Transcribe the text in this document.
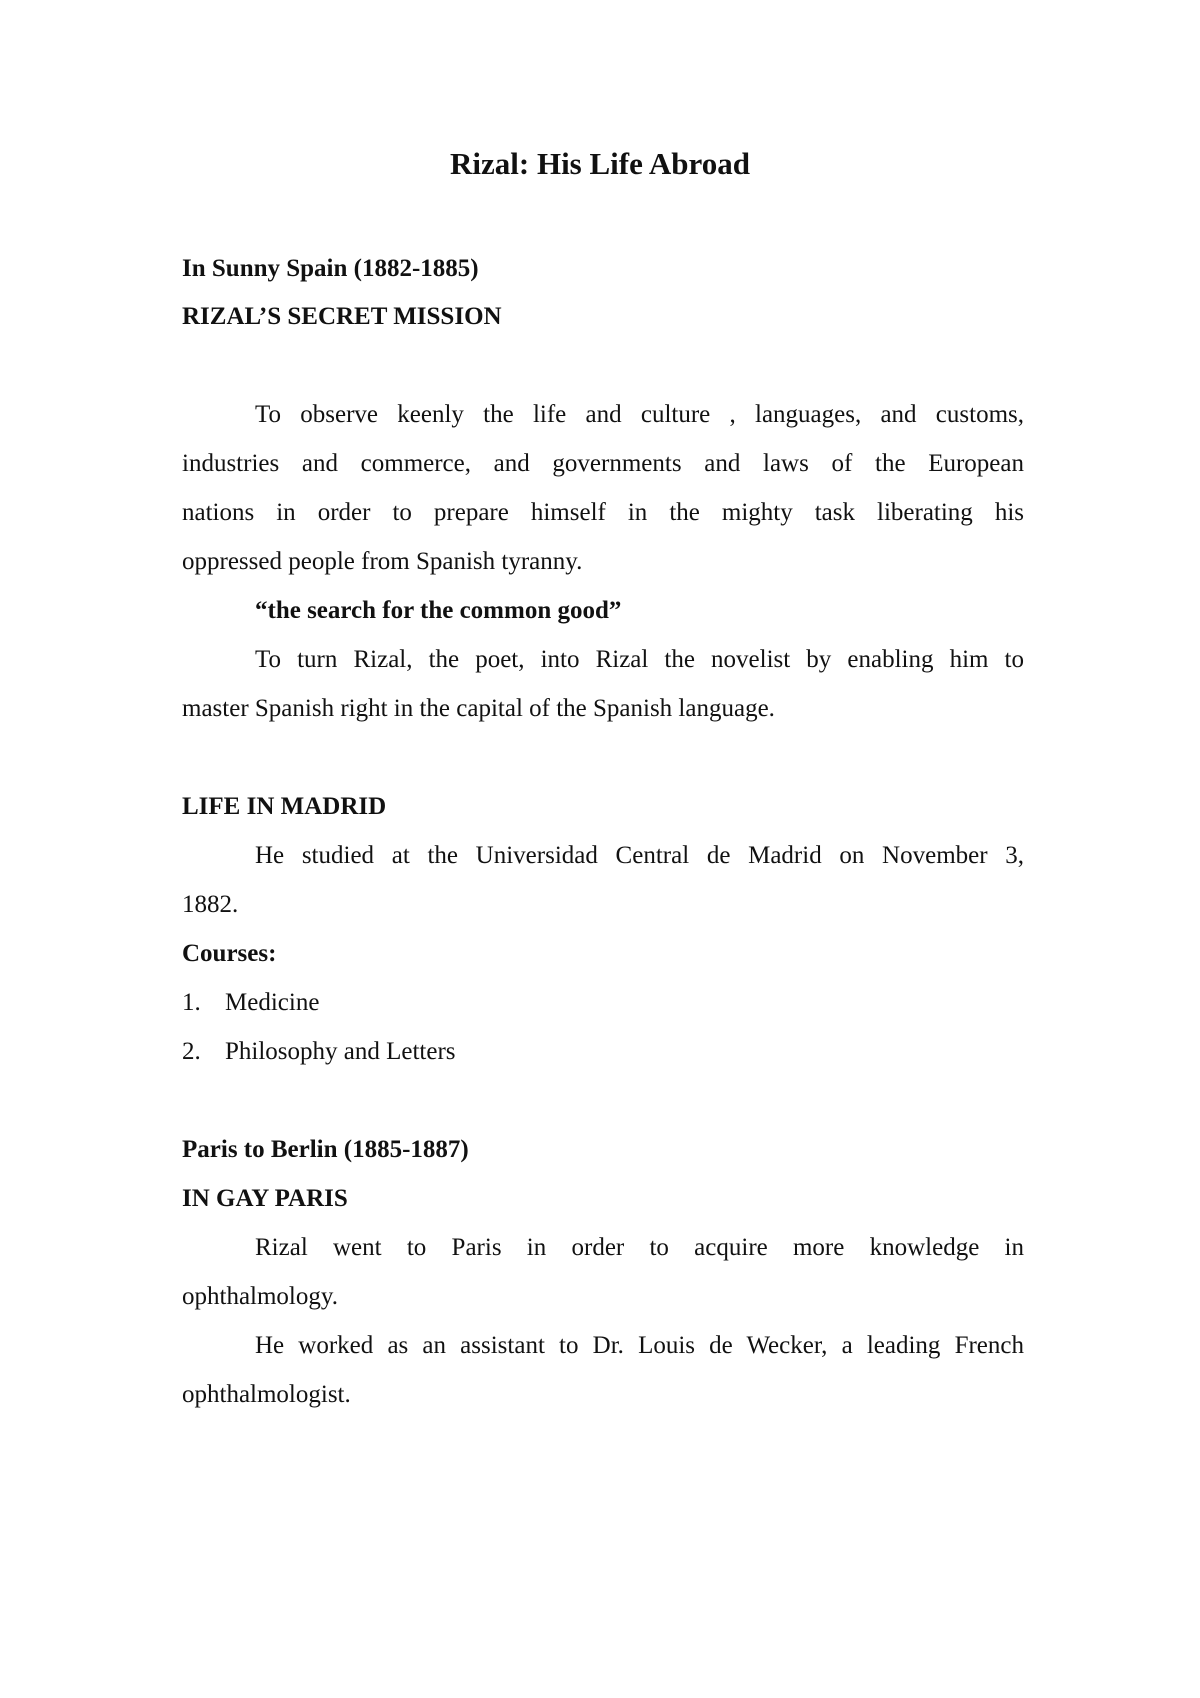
Rizal: His Life Abroad
In Sunny Spain (1882-1885)
RIZAL’S SECRET MISSION
To observe keenly the life and culture , languages, and customs,
industries and commerce, and governments and laws of the European
nations in order to prepare himself in the mighty task liberating his
oppressed people from Spanish tyranny.
“the search for the common good”
To turn Rizal, the poet, into Rizal the novelist by enabling him to
master Spanish right in the capital of the Spanish language.
LIFE IN MADRID
He studied at the Universidad Central de Madrid on November 3,
1882.
Courses:
1. Medicine
2. Philosophy and Letters
Paris to Berlin (1885-1887)
IN GAY PARIS
Rizal went to Paris in order to acquire more knowledge in
ophthalmology.
He worked as an assistant to Dr. Louis de Wecker, a leading French
ophthalmologist.
